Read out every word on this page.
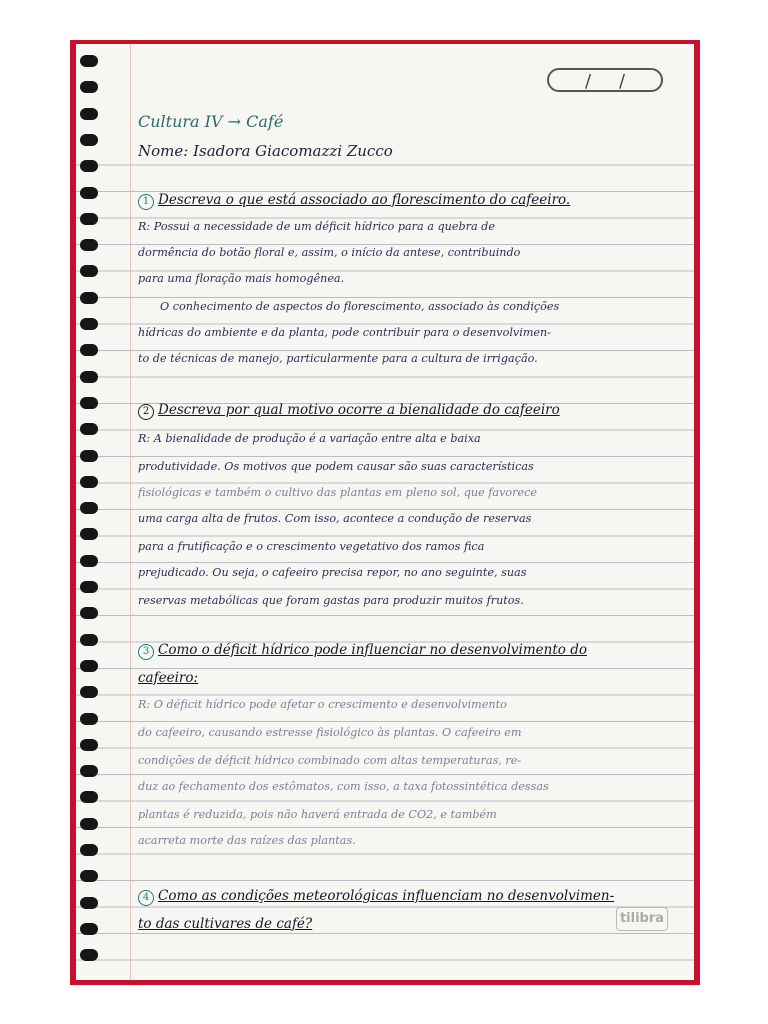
/ /
Cultura IV → Café
Nome: Isadora Giacomazzi Zucco
1 Descreva o que está associado ao florescimento do cafeeiro.
R: Possui a necessidade de um déficit hídrico para a quebra de
dormência do botão floral e, assim, o início da antese, contribuindo
para uma floração mais homogênea.
O conhecimento de aspectos do florescimento, associado às condições
hídricas do ambiente e da planta, pode contribuir para o desenvolvimen-
to de técnicas de manejo, particularmente para a cultura de irrigação.
2 Descreva por qual motivo ocorre a bienalidade do cafeeiro
R: A bienalidade de produção é a variação entre alta e baixa
produtividade. Os motivos que podem causar são suas características
fisiológicas e também o cultivo das plantas em pleno sol, que favorece
uma carga alta de frutos. Com isso, acontece a condução de reservas
para a frutificação e o crescimento vegetativo dos ramos fica
prejudicado. Ou seja, o cafeeiro precisa repor, no ano seguinte, suas
reservas metabólicas que foram gastas para produzir muitos frutos.
3 Como o déficit hídrico pode influenciar no desenvolvimento do
cafeeiro:
R: O déficit hídrico pode afetar o crescimento e desenvolvimento
do cafeeiro, causando estresse fisiológico às plantas. O cafeeiro em
condições de déficit hídrico combinado com altas temperaturas, re-
duz ao fechamento dos estômatos, com isso, a taxa fotossintética dessas
plantas é reduzida, pois não haverá entrada de CO2, e também
acarreta morte das raízes das plantas.
4 Como as condições meteorológicas influenciam no desenvolvimen-
to das cultivares de café?	tilibra
